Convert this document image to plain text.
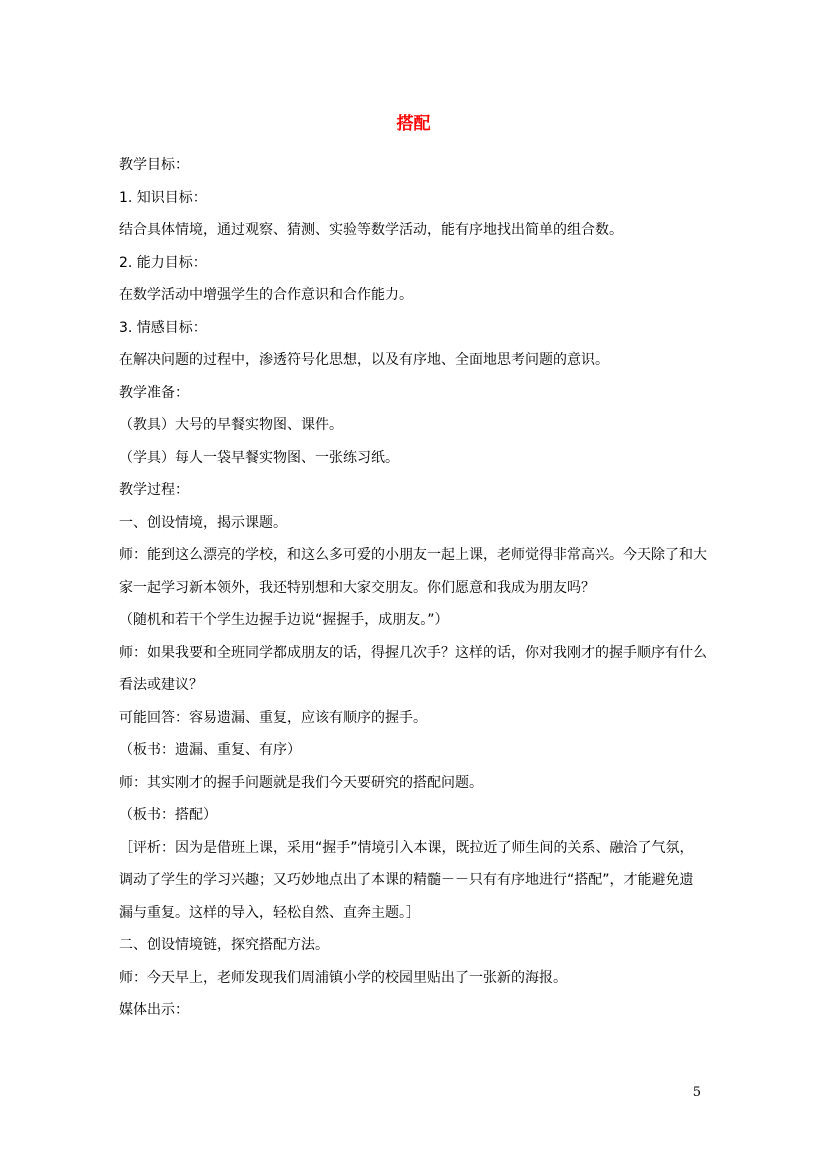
搭配

教学目标：

1. 知识目标：

结合具体情境，通过观察、猜测、实验等数学活动，能有序地找出简单的组合数。

2. 能力目标：

在数学活动中增强学生的合作意识和合作能力。

3. 情感目标：

在解决问题的过程中，渗透符号化思想，以及有序地、全面地思考问题的意识。

教学准备：

（教具）大号的早餐实物图、课件。

（学具）每人一袋早餐实物图、一张练习纸。

教学过程：

一、创设情境，揭示课题。

师：能到这么漂亮的学校，和这么多可爱的小朋友一起上课，老师觉得非常高兴。今天除了和大家一起学习新本领外，我还特别想和大家交朋友。你们愿意和我成为朋友吗？

（随机和若干个学生边握手边说“握握手，成朋友。”）

师：如果我要和全班同学都成朋友的话，得握几次手？这样的话，你对我刚才的握手顺序有什么看法或建议？

可能回答：容易遗漏、重复，应该有顺序的握手。

（板书：遗漏、重复、有序）

师：其实刚才的握手问题就是我们今天要研究的搭配问题。

（板书：搭配）

［评析：因为是借班上课，采用“握手”情境引入本课，既拉近了师生间的关系、融洽了气氛，调动了学生的学习兴趣；又巧妙地点出了本课的精髓－－只有有序地进行“搭配”，才能避免遗漏与重复。这样的导入，轻松自然、直奔主题。］

二、创设情境链，探究搭配方法。

师：今天早上，老师发现我们周浦镇小学的校园里贴出了一张新的海报。

媒体出示：

5
